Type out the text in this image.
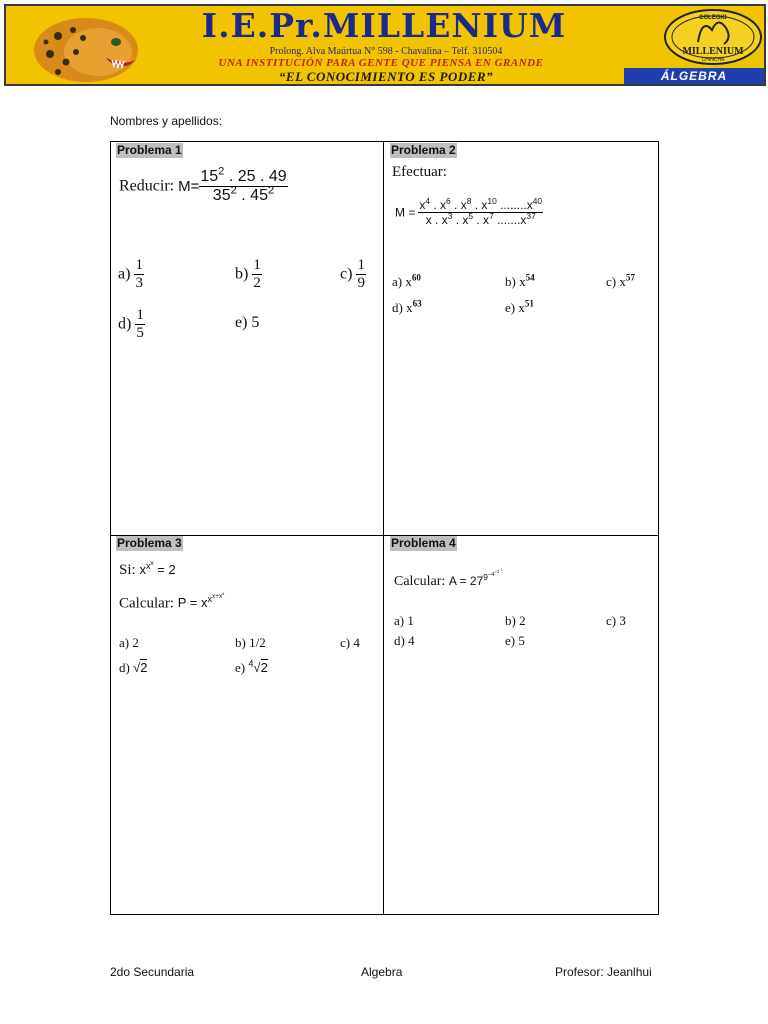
I.E.Pr.MILLENIUM
Prolong. Alva Maúrtua N° 598 - Chavalina – Telf. 310504
UNA INSTITUCIÓN PARA GENTE QUE PIENSA EN GRANDE
“EL CONOCIMIENTO ES PODER”
COLEGIO
MILLENIUM
CHINCHA
ÁLGEBRA
Nombres y apellidos:
Problema 1
Reducir: $M= \frac{15^2 . 25 . 49}{35^2 . 45^2}$
$a) \frac{1}{3}$	$b) \frac{1}{2}$	$c) \frac{1}{9}$
$d) \frac{1}{5}$	e) 5
Problema 2
Efectuar:
$M = \frac{x^4 . x^6 . x^8 . x^{10} ........x^{40}}{x . x^3 . x^5 . x^7 .......x^{37}}$
a) $x^{60}$	b) $x^{54}$	c) $x^{57}$
d) $x^{63}$	e) $x^{51}$
Problema 3
Si: $x^{x^x} = 2$
Calcular: $P = x^{x^{x+x^x}}$
a) 2	b) 1/2	c) 4
d) √2	e) $^4$√2
Problema 4
Calcular: $A = 27^{9^{-4^{-2^{-1}}}}$
a) 1	b) 2	c) 3
d) 4	e) 5
2do Secundaria	Algebra	Profesor: Jeanlhui
